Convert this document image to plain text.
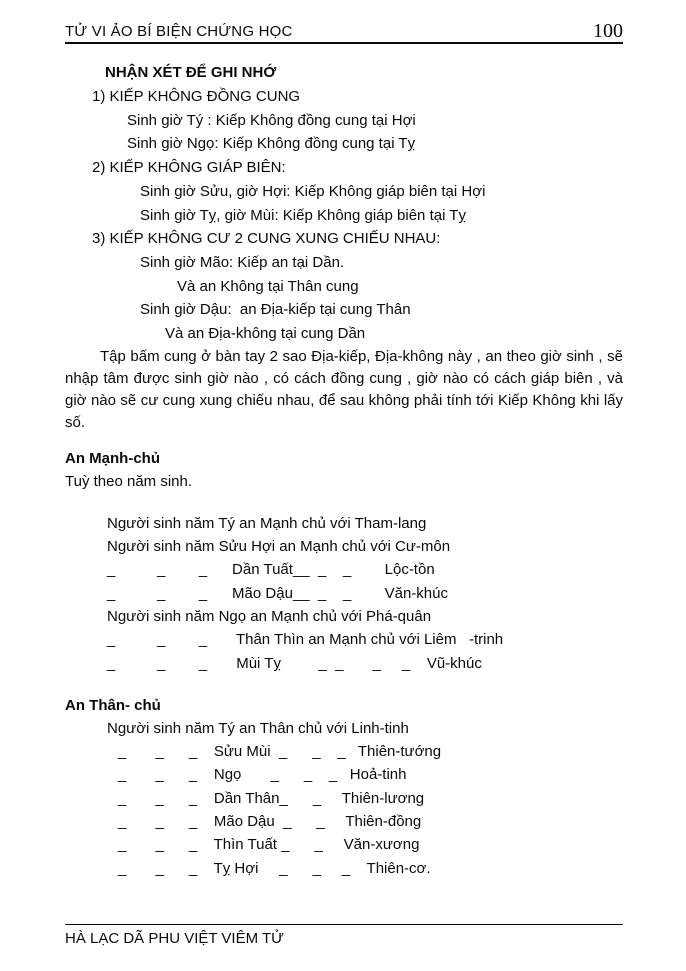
TỬ VI ẢO BÍ BIỆN CHỨNG HỌC	100
NHẬN XÉT ĐỂ GHI NHỚ
1) KIẾP KHÔNG ĐỒNG CUNG
Sinh giờ Tý : Kiếp Không đồng cung tại Hợi
Sinh giờ Ngọ: Kiếp Không đồng cung tại Tỵ
2) KIẾP KHÔNG GIÁP BIÊN:
Sinh giờ Sửu, giờ Hợi: Kiếp Không giáp biên tại Hợi
Sinh giờ Tỵ, giờ Mùi: Kiếp Không giáp biên tại Tỵ
3) KIẾP KHÔNG CƯ 2 CUNG XUNG CHIẾU NHAU:
Sinh giờ Mão: Kiếp an tại Dần.
Và an Không tại Thân cung
Sinh giờ Dậu:  an Địa-kiếp tại cung Thân
Và an Địa-không tại cung Dần

Tập bấm cung ở bàn tay 2 sao Địa-kiếp, Địa-không này , an theo giờ sinh , sẽ nhập tâm được sinh giờ nào , có cách đồng cung , giờ nào có cách giáp biên , và giờ nào sẽ cư cung xung chiếu nhau, để sau không phải tính tới Kiếp Không khi lấy số.

An Mạnh-chủ
Tuỳ theo năm sinh.
Người sinh năm Tý an Mạnh chủ với Tham-lang
Người sinh năm Sửu Hợi an Mạnh chủ với Cư-môn
_          _        _      Dần Tuất__  _    _        Lộc-tồn
_          _        _      Mão Dậu__  _    _        Văn-khúc
Người sinh năm Ngọ an Mạnh chủ với Phá-quân
_          _        _       Thân Thìn an Mạnh chủ với Liêm   -trinh
_          _        _       Mùi Tỵ         _  _       _     _    Vũ-khúc
An Thân- chủ
Người sinh năm Tý an Thân chủ với Linh-tinh
_       _      _    Sửu Mùi  _      _    _   Thiên-tướng
_       _      _    Ngọ       _      _    _   Hoả-tinh
_       _      _    Dần Thân_      _     Thiên-lương
_       _      _    Mão Dậu  _      _     Thiên-đồng
_       _      _    Thìn Tuất _      _     Văn-xương
_       _      _    Tỵ Hợi     _      _     _    Thiên-cơ.
HÀ LẠC DÃ PHU VIỆT VIÊM TỬ
